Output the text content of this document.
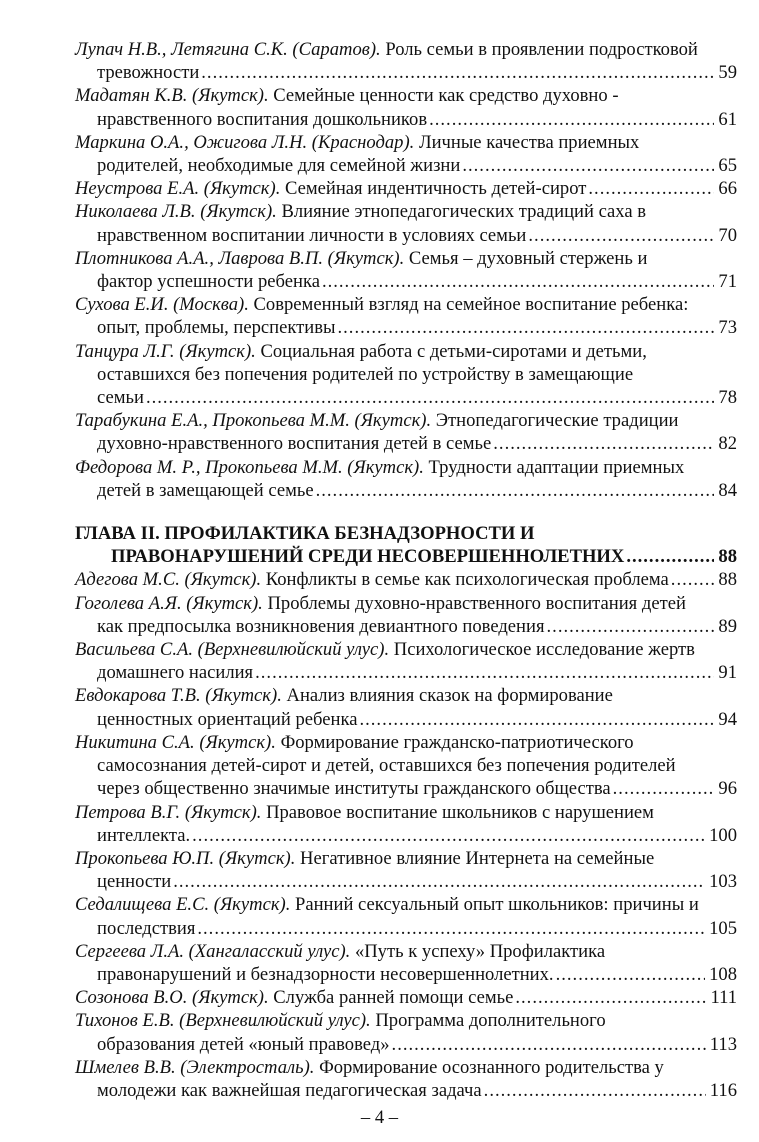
Лупач Н.В., Летягина С.К. (Саратов). Роль семьи в проявлении подростковой
тревожности .....	59
Мадатян К.В. (Якутск). Семейные ценности как средство духовно -
нравственного воспитания дошкольников .....	61
Маркина О.А., Ожигова Л.Н. (Краснодар). Личные качества приемных
родителей, необходимые для семейной жизни .....	65
Неустрова Е.А. (Якутск). Семейная индентичность детей-сирот .....	66
Николаева Л.В. (Якутск). Влияние этнопедагогических традиций саха в
нравственном воспитании личности в условиях семьи .....	70
Плотникова А.А., Лаврова В.П. (Якутск). Семья – духовный стержень и
фактор успешности ребенка .....	71
Сухова Е.И. (Москва). Современный взгляд на семейное воспитание ребенка:
опыт, проблемы, перспективы .....	73
Танцура Л.Г. (Якутск). Социальная работа с детьми-сиротами и детьми,
оставшихся без попечения родителей по устройству в замещающие
семьи .....	78
Тарабукина Е.А., Прокопьева М.М. (Якутск). Этнопедагогические традиции
духовно-нравственного воспитания детей в семье .....	82
Федорова М. Р., Прокопьева М.М. (Якутск). Трудности адаптации приемных
детей в замещающей семье .....	84
ГЛАВА II. ПРОФИЛАКТИКА БЕЗНАДЗОРНОСТИ И
ПРАВОНАРУШЕНИЙ СРЕДИ НЕСОВЕРШЕННОЛЕТНИХ .....	88
Адегова М.С. (Якутск). Конфликты в семье как психологическая проблема .....	88
Гоголева А.Я. (Якутск). Проблемы духовно-нравственного воспитания детей
как предпосылка возникновения девиантного поведения .....	89
Васильева С.А. (Верхневилюйский улус). Психологическое исследование жертв
домашнего насилия .....	91
Евдокарова Т.В. (Якутск). Анализ влияния сказок на формирование
ценностных ориентаций ребенка .....	94
Никитина С.А. (Якутск). Формирование гражданско-патриотического
самосознания детей-сирот и детей, оставшихся без попечения родителей
через общественно значимые институты гражданского общества .....	96
Петрова В.Г. (Якутск). Правовое воспитание школьников с нарушением
интеллекта. .....	100
Прокопьева Ю.П. (Якутск). Негативное влияние Интернета на семейные
ценности .....	103
Седалищева Е.С. (Якутск). Ранний сексуальный опыт школьников: причины и
последствия .....	105
Сергеева Л.А. (Хангаласский улус). «Путь к успеху» Профилактика
правонарушений и безнадзорности несовершеннолетних. .....	108
Созонова В.О. (Якутск). Служба ранней помощи семье .....	111
Тихонов Е.В. (Верхневилюйский улус). Программа дополнительного
образования детей «юный правовед» .....	113
Шмелев В.В. (Электросталь). Формирование осознанного родительства у
молодежи как важнейшая педагогическая задача .....	116
– 4 –
